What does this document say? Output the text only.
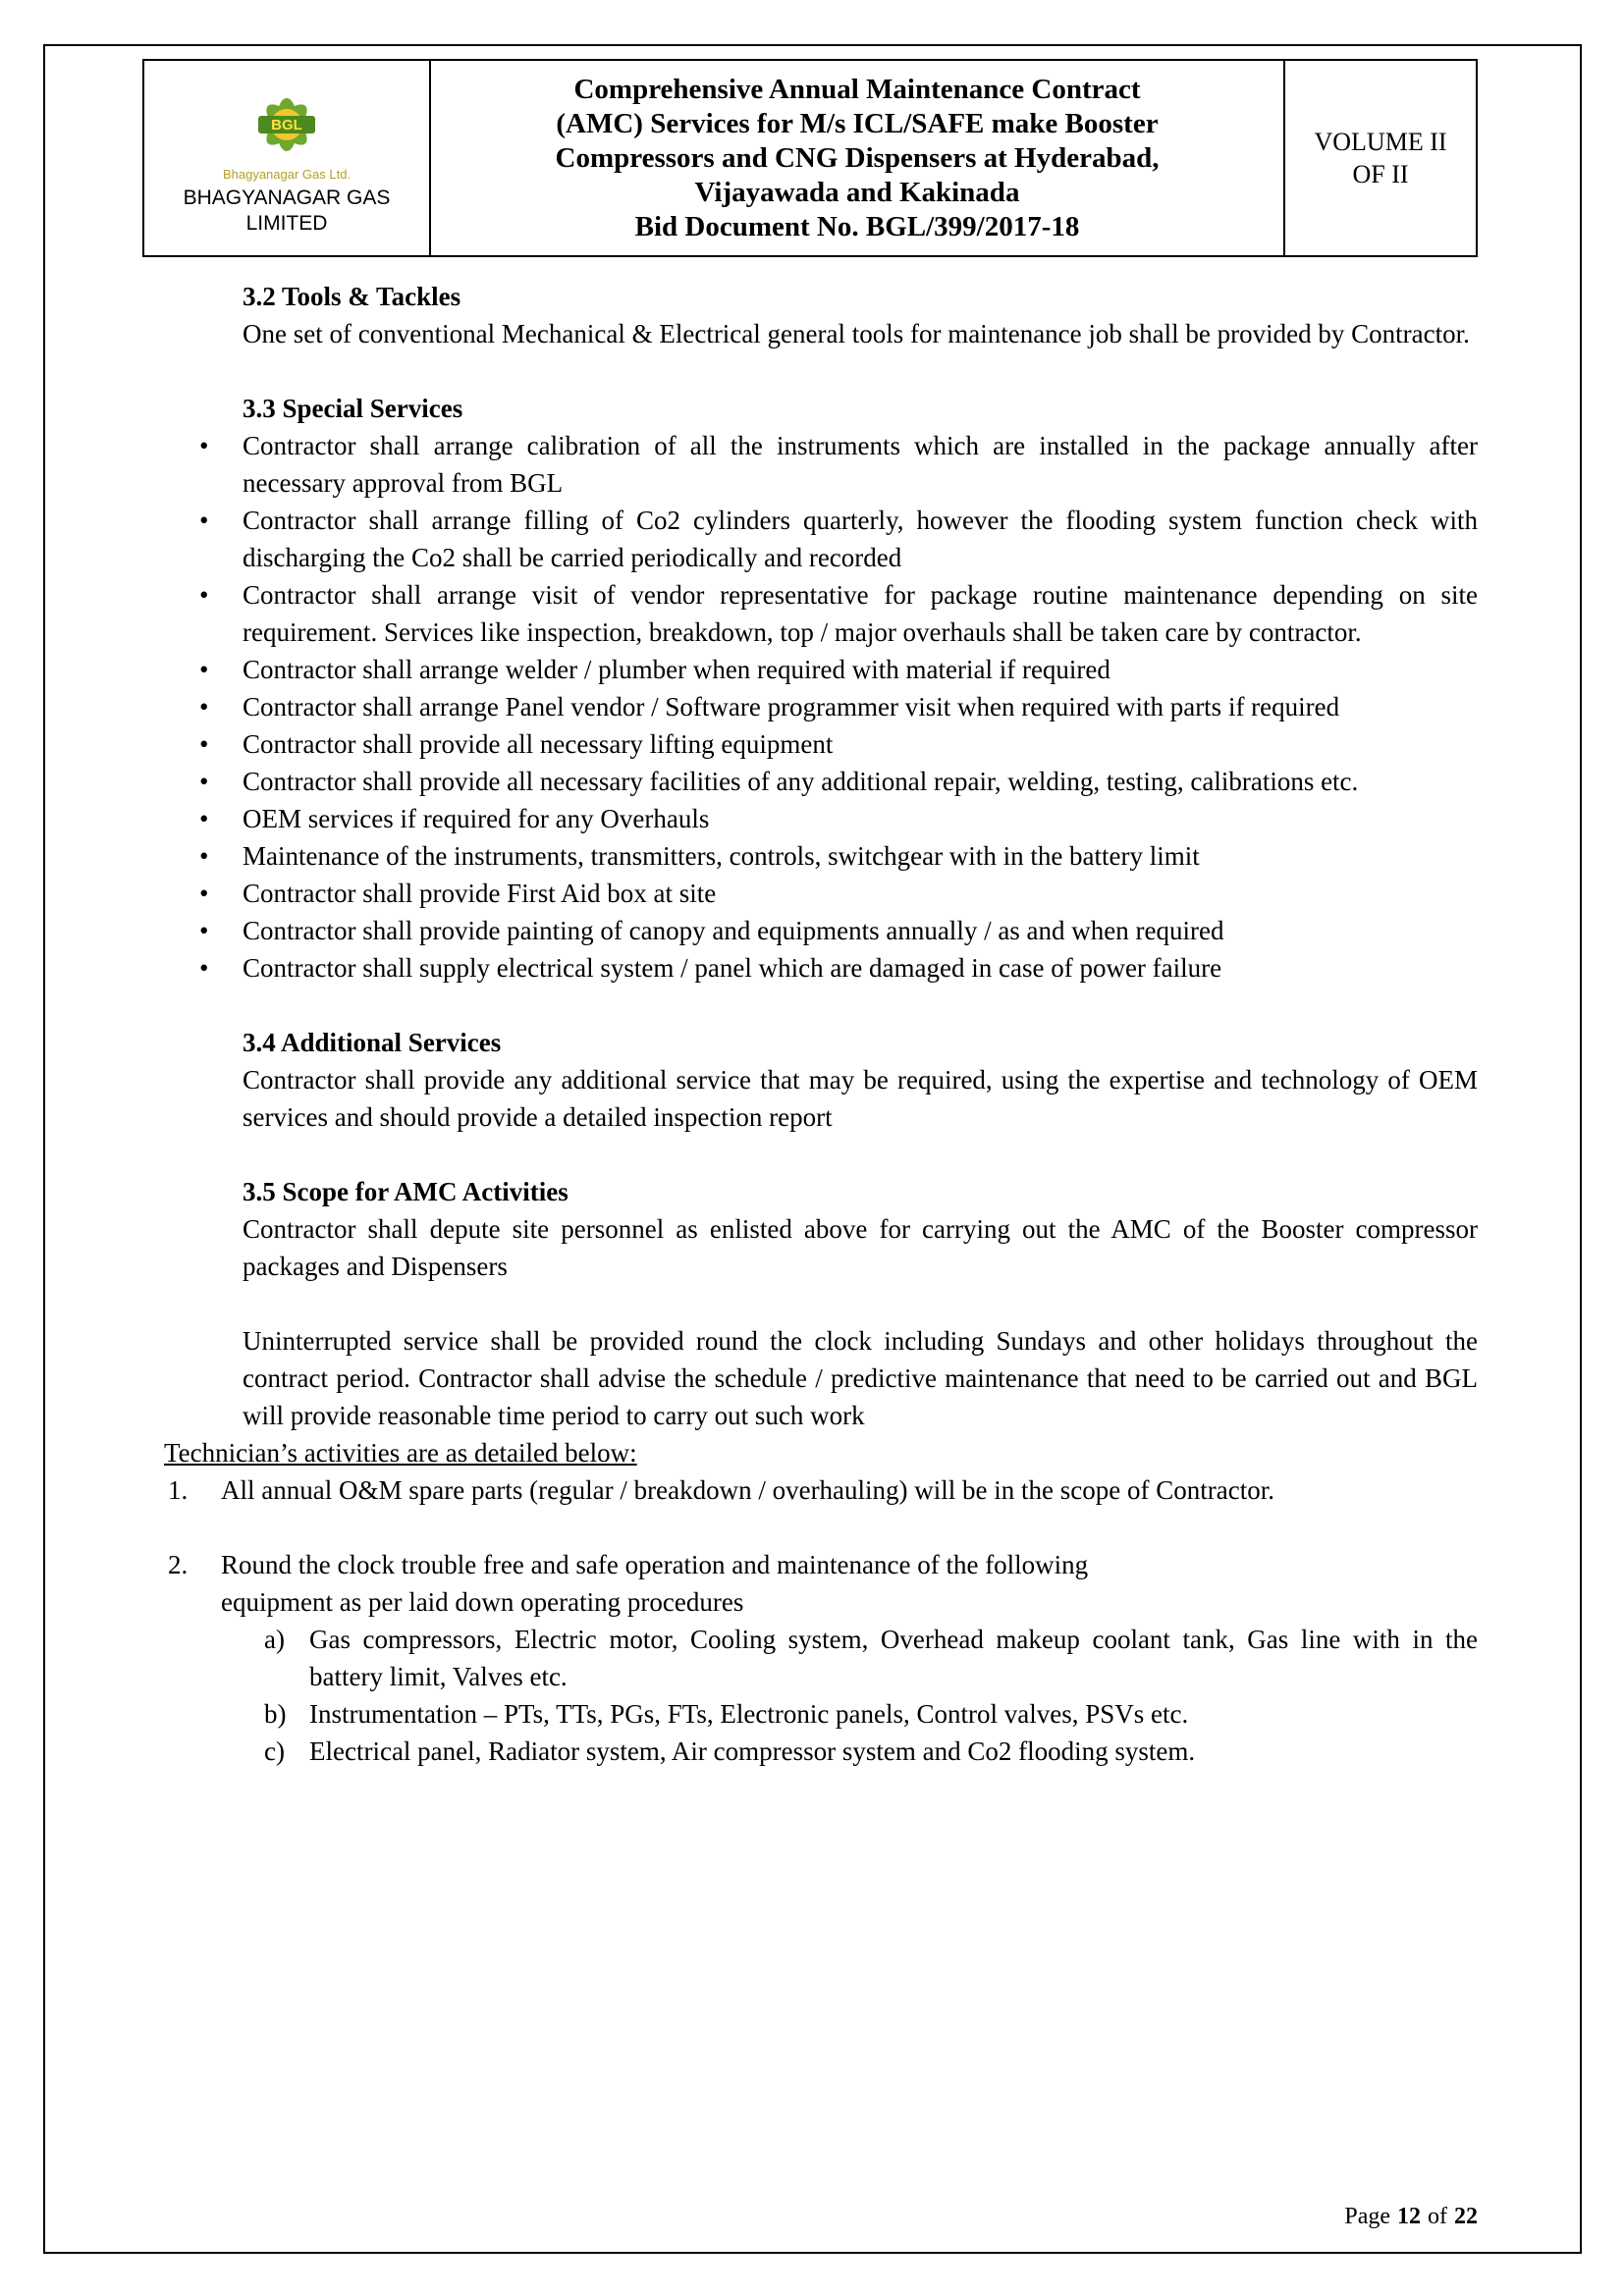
BGL
Bhagyanagar Gas Ltd.
BHAGYANAGAR GAS
LIMITED
Comprehensive Annual Maintenance Contract
(AMC) Services for M/s ICL/SAFE make Booster
Compressors and CNG Dispensers at Hyderabad,
Vijayawada and Kakinada
Bid Document No. BGL/399/2017-18
VOLUME II
OF II
3.2 Tools & Tackles
One set of conventional Mechanical & Electrical general tools for maintenance job shall be provided by Contractor.
3.3 Special Services
• Contractor shall arrange calibration of all the instruments which are installed in the package annually after necessary approval from BGL
• Contractor shall arrange filling of Co2 cylinders quarterly, however the flooding system function check with discharging the Co2 shall be carried periodically and recorded
• Contractor shall arrange visit of vendor representative for package routine maintenance depending on site requirement. Services like inspection, breakdown, top / major overhauls shall be taken care by contractor.
• Contractor shall arrange welder / plumber when required with material if required
• Contractor shall arrange Panel vendor / Software programmer visit when required with parts if required
• Contractor shall provide all necessary lifting equipment
• Contractor shall provide all necessary facilities of any additional repair, welding, testing, calibrations etc.
• OEM services if required for any Overhauls
• Maintenance of the instruments, transmitters, controls, switchgear with in the battery limit
• Contractor shall provide First Aid box at site
• Contractor shall provide painting of canopy and equipments annually / as and when required
• Contractor shall supply electrical system / panel which are damaged in case of power failure
3.4 Additional Services
Contractor shall provide any additional service that may be required, using the expertise and technology of OEM services and should provide a detailed inspection report
3.5 Scope for AMC Activities
Contractor shall depute site personnel as enlisted above for carrying out the AMC of the Booster compressor packages and Dispensers
Uninterrupted service shall be provided round the clock including Sundays and other holidays throughout the contract period. Contractor shall advise the schedule / predictive maintenance that need to be carried out and BGL will provide reasonable time period to carry out such work
Technician’s activities are as detailed below:
1. All annual O&M spare parts (regular / breakdown / overhauling) will be in the scope of Contractor.
2. Round the clock trouble free and safe operation and maintenance of the following
equipment as per laid down operating procedures
a) Gas compressors, Electric motor, Cooling system, Overhead makeup coolant tank, Gas line with in the battery limit, Valves etc.
b) Instrumentation – PTs, TTs, PGs, FTs, Electronic panels, Control valves, PSVs etc.
c) Electrical panel, Radiator system, Air compressor system and Co2 flooding system.
Page 12 of 22
